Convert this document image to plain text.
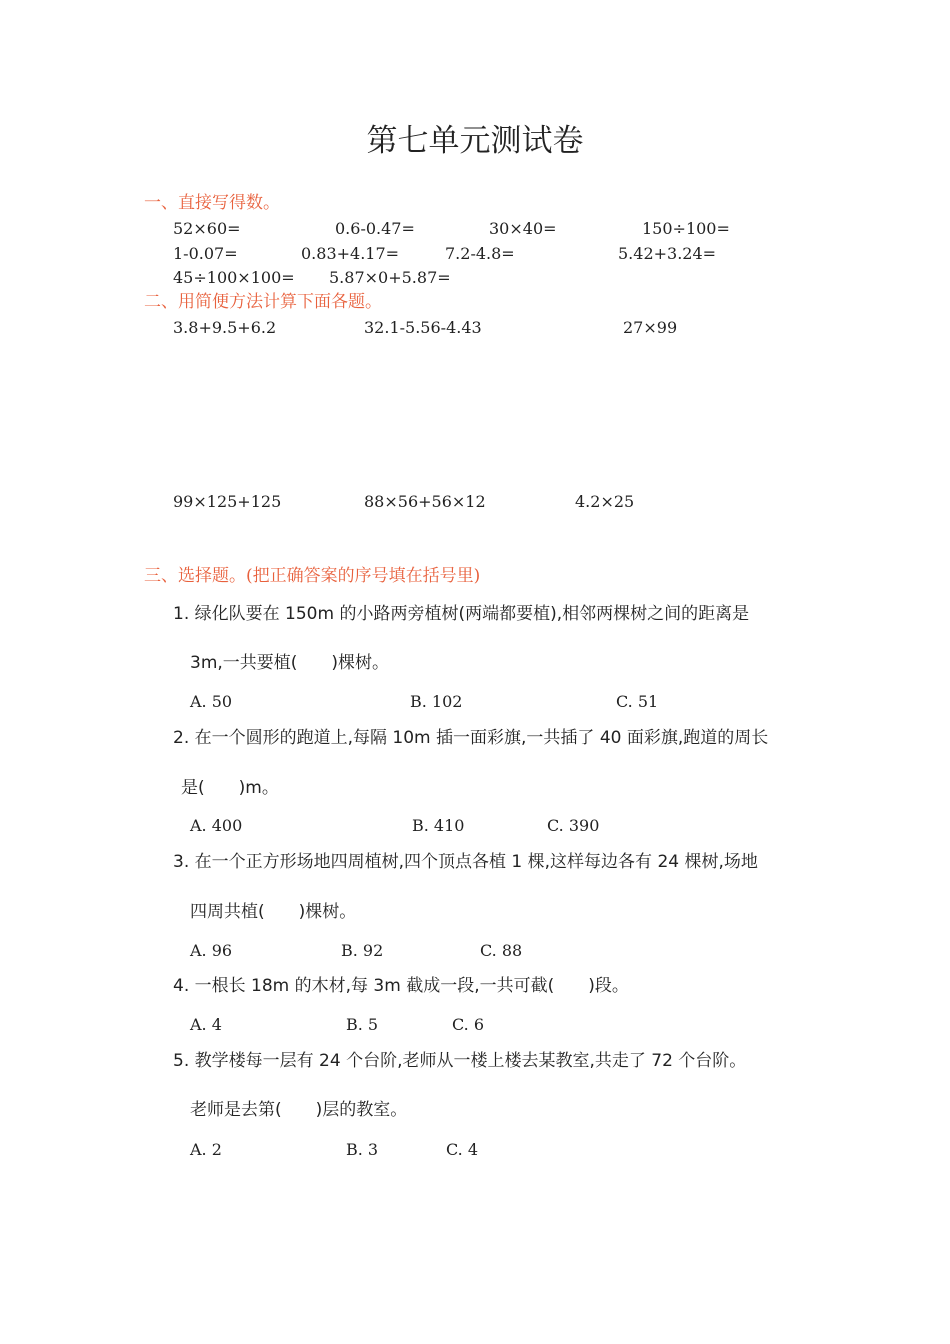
第七单元测试卷
一、直接写得数。
52×60=	0.6-0.47=	30×40=	150÷100=
1-0.07=	0.83+4.17=	7.2-4.8=	5.42+3.24=
45÷100×100= 5.87×0+5.87=
二、用简便方法计算下面各题。
3.8+9.5+6.2	32.1-5.56-4.43	27×99
99×125+125	88×56+56×12	4.2×25
三、选择题。(把正确答案的序号填在括号里)
1. 绿化队要在 150m 的小路两旁植树(两端都要植),相邻两棵树之间的距离是
3m,一共要植(　　)棵树。
A. 50	B. 102	C. 51
2. 在一个圆形的跑道上,每隔 10m 插一面彩旗,一共插了 40 面彩旗,跑道的周长
是(　　)m。
A. 400	B. 410	C. 390
3. 在一个正方形场地四周植树,四个顶点各植 1 棵,这样每边各有 24 棵树,场地
四周共植(　　)棵树。
A. 96	B. 92	C. 88
4. 一根长 18m 的木材,每 3m 截成一段,一共可截(　　)段。
A. 4	B. 5	C. 6
5. 教学楼每一层有 24 个台阶,老师从一楼上楼去某教室,共走了 72 个台阶。
老师是去第(　　)层的教室。
A. 2	B. 3	C. 4
